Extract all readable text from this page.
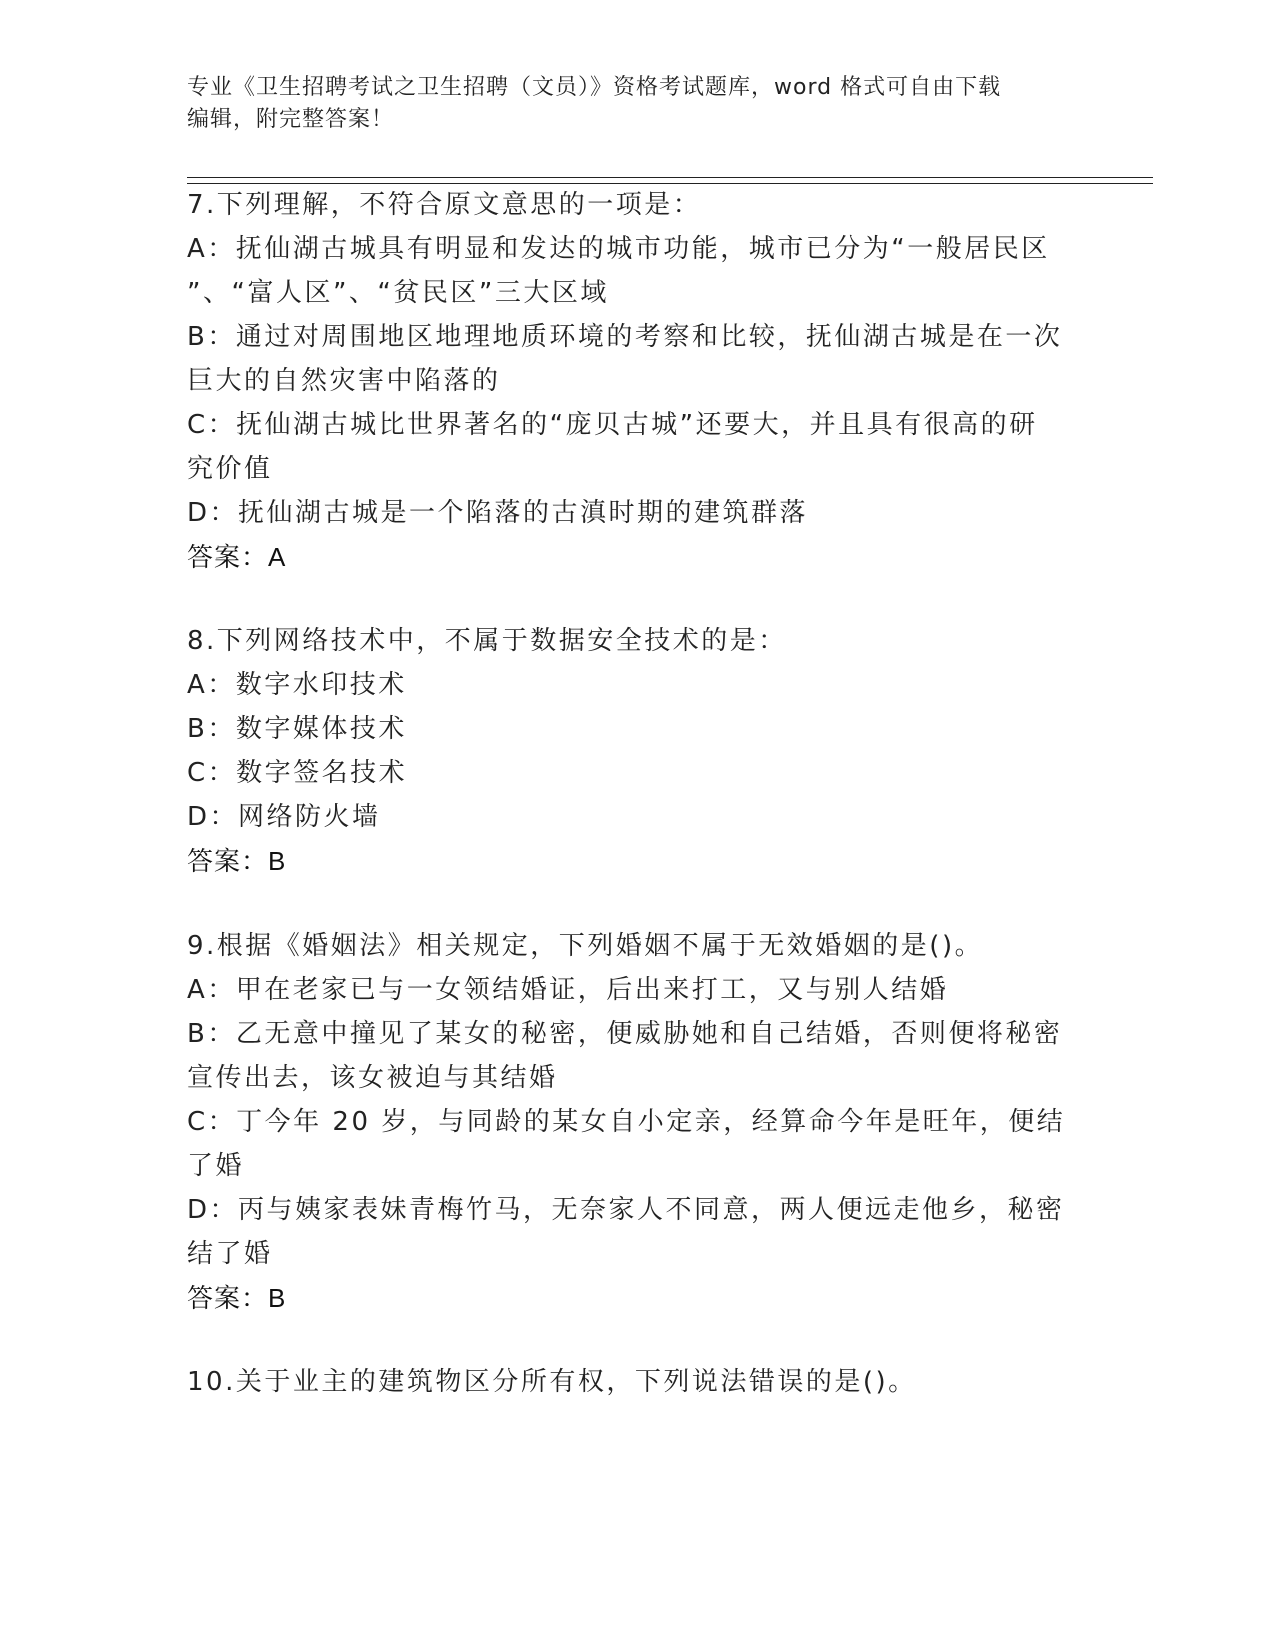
专业《卫生招聘考试之卫生招聘（文员）》资格考试题库，word 格式可自由下载
编辑，附完整答案！
7.下列理解，不符合原文意思的一项是：
A：抚仙湖古城具有明显和发达的城市功能，城市已分为“一般居民区
”、“富人区”、“贫民区”三大区域
B：通过对周围地区地理地质环境的考察和比较，抚仙湖古城是在一次
巨大的自然灾害中陷落的
C：抚仙湖古城比世界著名的“庞贝古城”还要大，并且具有很高的研
究价值
D：抚仙湖古城是一个陷落的古滇时期的建筑群落
答案：A
8.下列网络技术中，不属于数据安全技术的是：
A：数字水印技术
B：数字媒体技术
C：数字签名技术
D：网络防火墙
答案：B
9.根据《婚姻法》相关规定，下列婚姻不属于无效婚姻的是()。
A：甲在老家已与一女领结婚证，后出来打工，又与别人结婚
B：乙无意中撞见了某女的秘密，便威胁她和自己结婚，否则便将秘密
宣传出去，该女被迫与其结婚
C：丁今年 20 岁，与同龄的某女自小定亲，经算命今年是旺年，便结
了婚
D：丙与姨家表妹青梅竹马，无奈家人不同意，两人便远走他乡，秘密
结了婚
答案：B
10.关于业主的建筑物区分所有权，下列说法错误的是()。
